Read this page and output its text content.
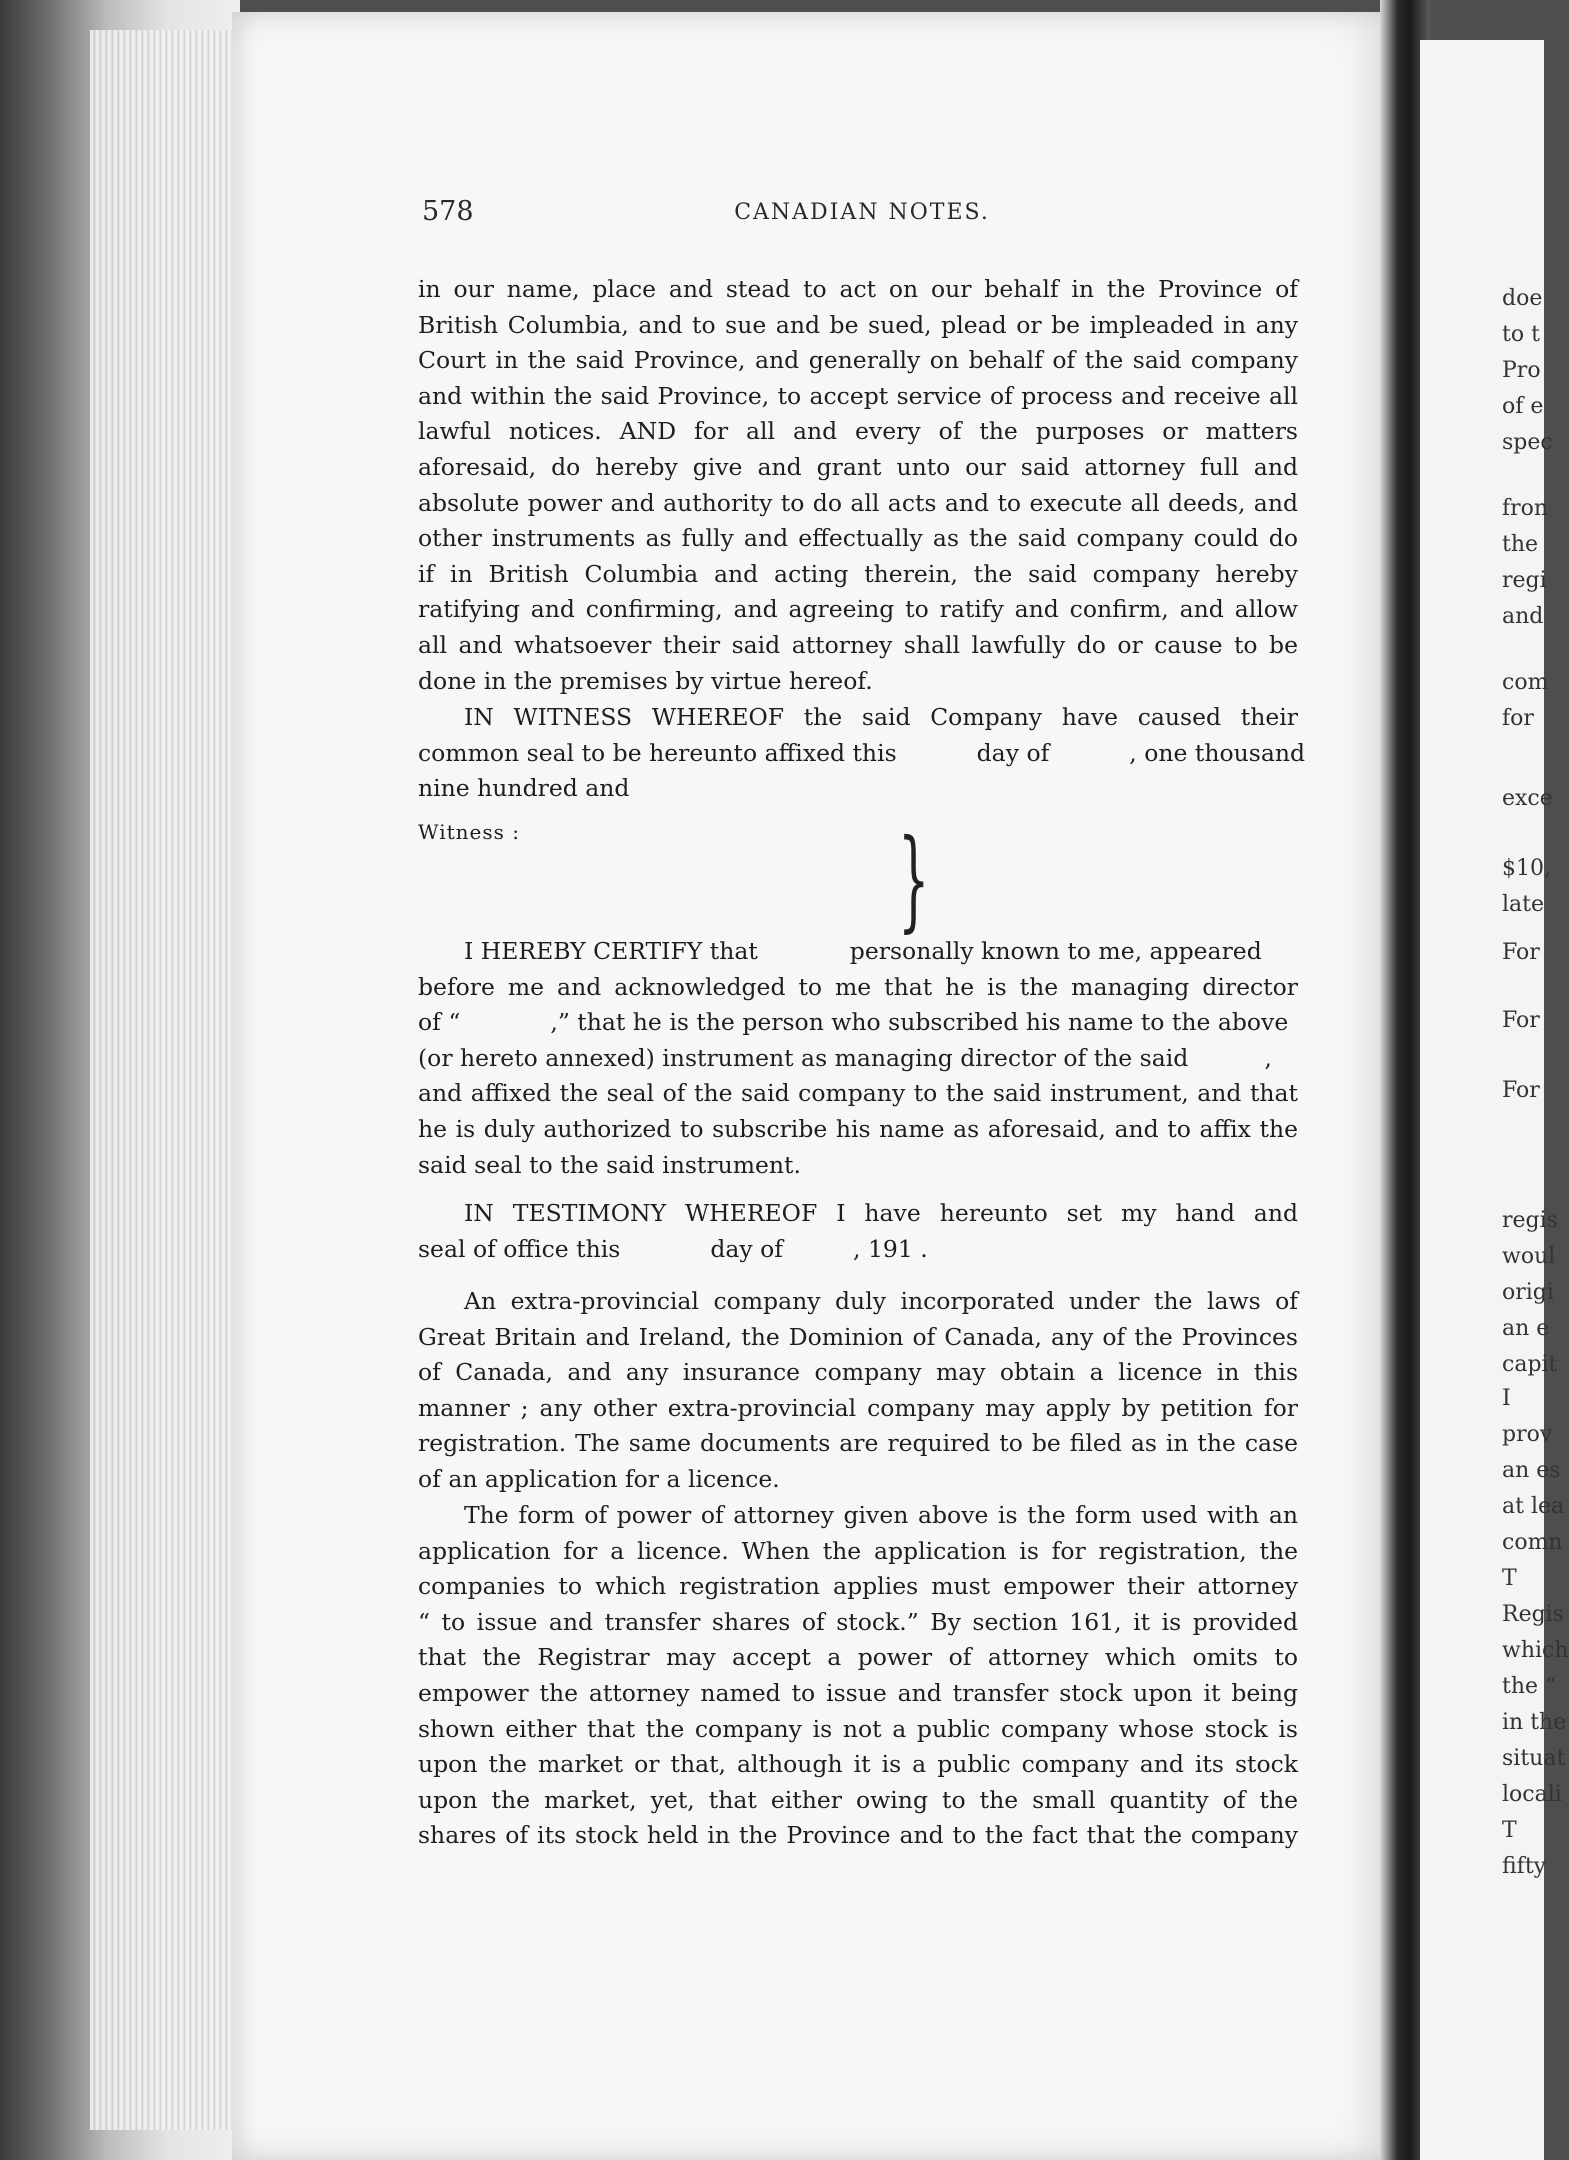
doe
to t
Pro
of e
spec
fron
the
regi
and
com
for
exce
$10,
late
For
For
For
regis
woul
origi
an e
capit
I
prov
an es
at lea
comn
T
Regis
which
the “
in the
situat
locali
T
fifty
578	CANADIAN NOTES.
in our name, place and stead to act on our behalf in the Province of
British Columbia, and to sue and be sued, plead or be impleaded in any
Court in the said Province, and generally on behalf of the said company
and within the said Province, to accept service of process and receive all
lawful notices. AND for all and every of the purposes or matters
aforesaid, do hereby give and grant unto our said attorney full and
absolute power and authority to do all acts and to execute all deeds, and
other instruments as fully and effectually as the said company could do
if in British Columbia and acting therein, the said company hereby
ratifying and confirming, and agreeing to ratify and confirm, and allow
all and whatsoever their said attorney shall lawfully do or cause to be
done in the premises by virtue hereof.
IN WITNESS WHEREOF the said Company have caused their
common seal to be hereunto affixed this	day of	, one thousand
nine hundred and
Witness :	}
I HEREBY CERTIFY that	personally known to me, appeared
before me and acknowledged to me that he is the managing director
of “	,” that he is the person who subscribed his name to the above
(or hereto annexed) instrument as managing director of the said	,
and affixed the seal of the said company to the said instrument, and that
he is duly authorized to subscribe his name as aforesaid, and to affix the
said seal to the said instrument.
IN TESTIMONY WHEREOF I have hereunto set my hand and
seal of office this	day of	, 191 .
An extra-provincial company duly incorporated under the laws of
Great Britain and Ireland, the Dominion of Canada, any of the Provinces
of Canada, and any insurance company may obtain a licence in this
manner ; any other extra-provincial company may apply by petition for
registration. The same documents are required to be filed as in the case
of an application for a licence.
The form of power of attorney given above is the form used with an
application for a licence. When the application is for registration, the
companies to which registration applies must empower their attorney
“ to issue and transfer shares of stock.” By section 161, it is provided
that the Registrar may accept a power of attorney which omits to
empower the attorney named to issue and transfer stock upon it being
shown either that the company is not a public company whose stock is
upon the market or that, although it is a public company and its stock
upon the market, yet, that either owing to the small quantity of the
shares of its stock held in the Province and to the fact that the company
